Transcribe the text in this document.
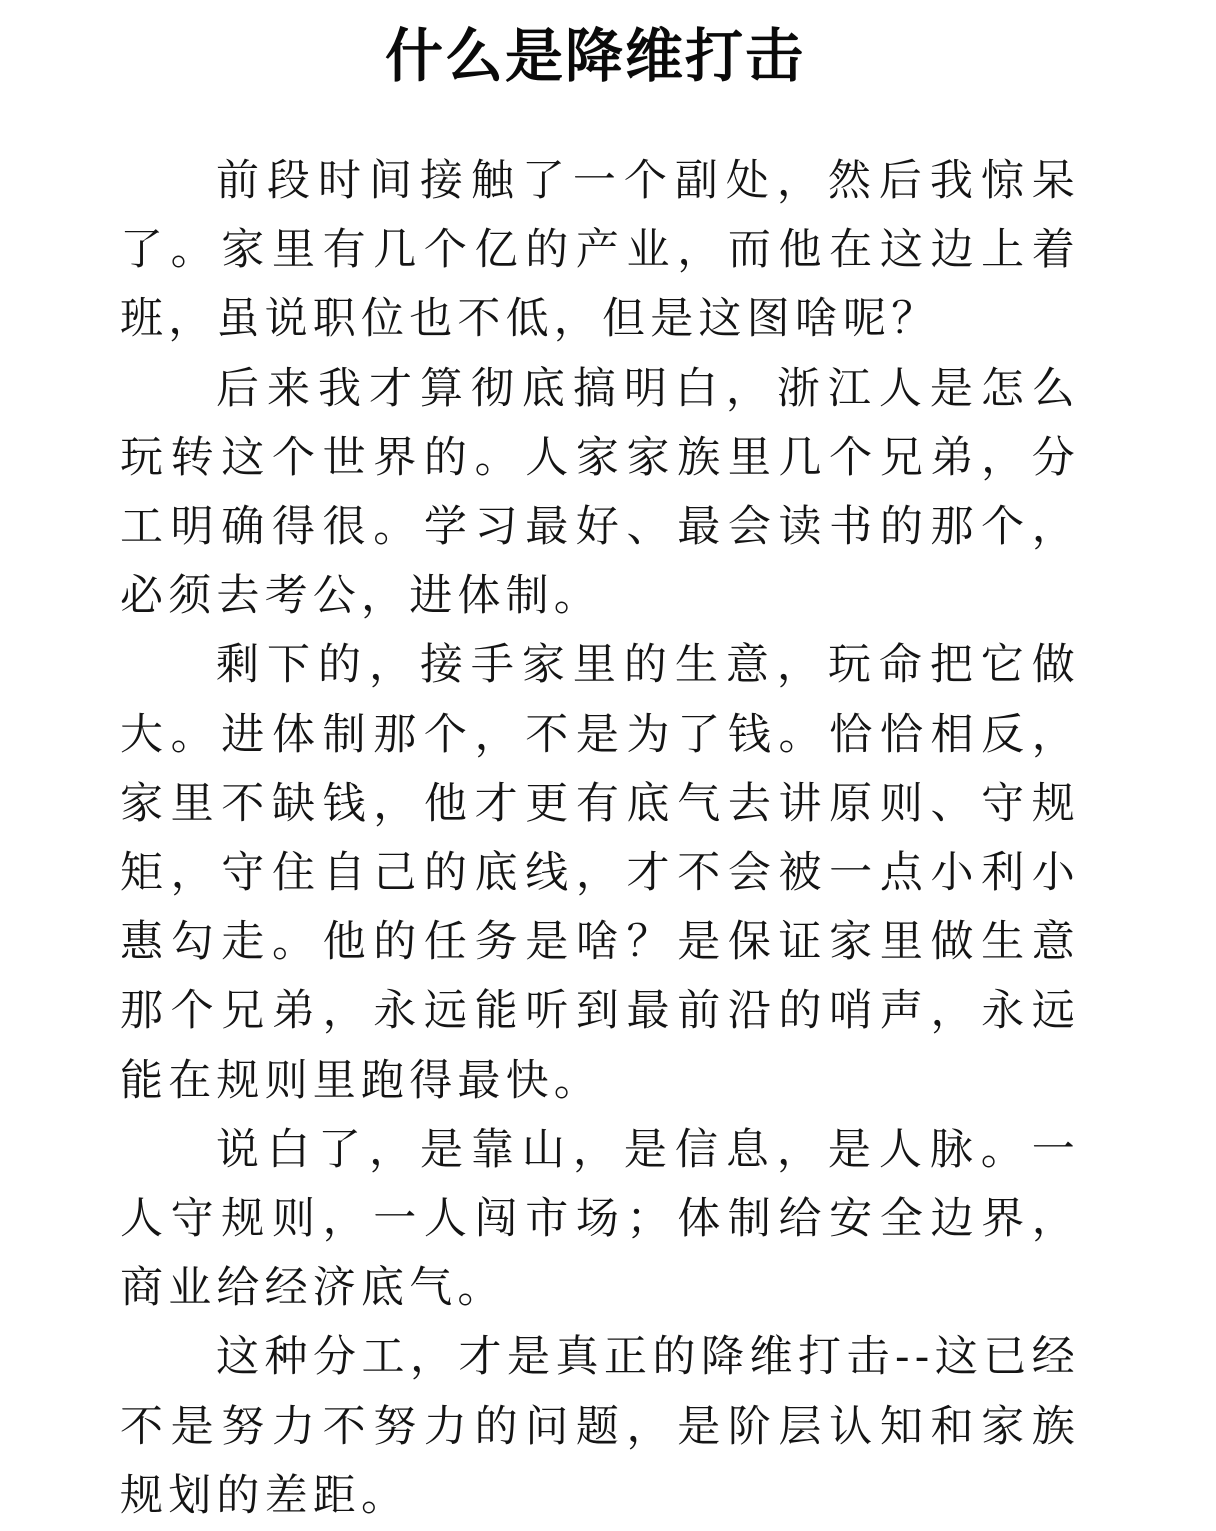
什么是降维打击

前段时间接触了一个副处，然后我惊呆了。家里有几个亿的产业，而他在这边上着班，虽说职位也不低，但是这图啥呢？

后来我才算彻底搞明白，浙江人是怎么玩转这个世界的。人家家族里几个兄弟，分工明确得很。学习最好、最会读书的那个，必须去考公，进体制。

剩下的，接手家里的生意，玩命把它做大。进体制那个，不是为了钱。恰恰相反，家里不缺钱，他才更有底气去讲原则、守规矩，守住自己的底线，才不会被一点小利小惠勾走。他的任务是啥？是保证家里做生意那个兄弟，永远能听到最前沿的哨声，永远能在规则里跑得最快。

说白了，是靠山，是信息，是人脉。一人守规则，一人闯市场；体制给安全边界，商业给经济底气。

这种分工，才是真正的降维打击--这已经不是努力不努力的问题，是阶层认知和家族规划的差距。
